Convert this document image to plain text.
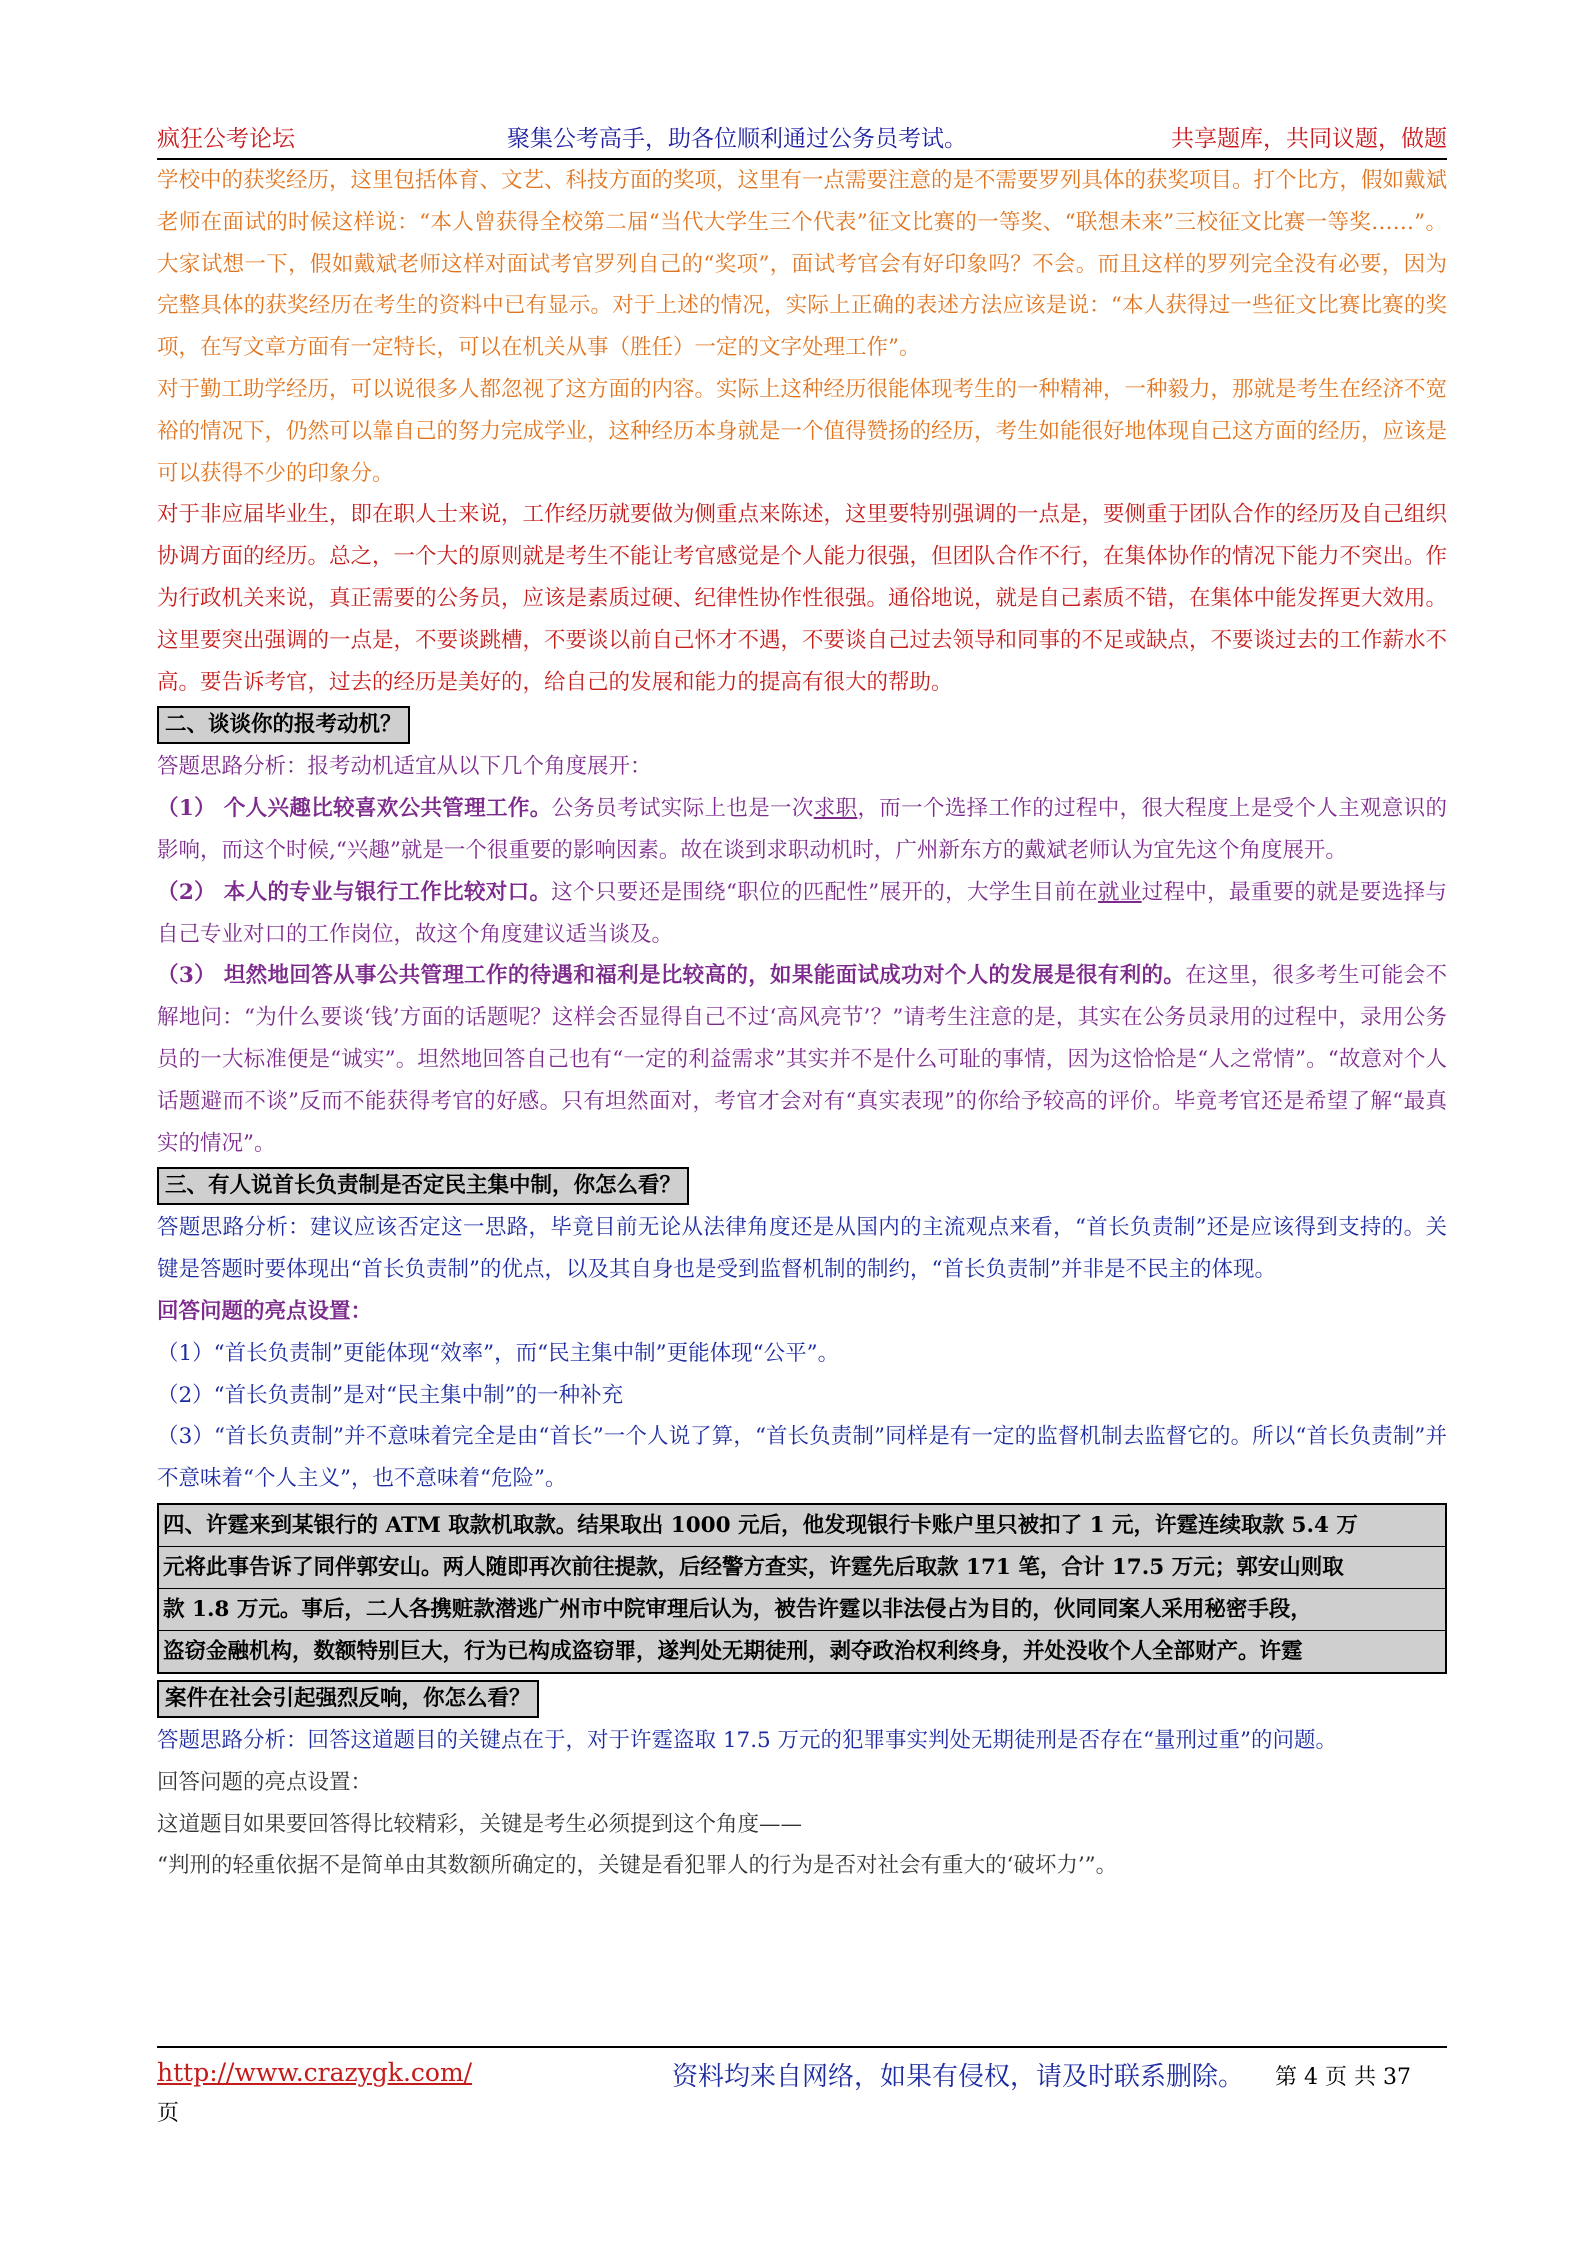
疯狂公考论坛	聚集公考高手，助各位顺利通过公务员考试。	共享题库，共同议题，做题

学校中的获奖经历，这里包括体育、文艺、科技方面的奖项，这里有一点需要注意的是不需要罗列具体的获奖项目。打个比方，假如戴斌老师在面试的时候这样说：“本人曾获得全校第二届“当代大学生三个代表”征文比赛的一等奖、“联想未来”三校征文比赛一等奖……”。大家试想一下，假如戴斌老师这样对面试考官罗列自己的“奖项”，面试考官会有好印象吗？不会。而且这样的罗列完全没有必要，因为完整具体的获奖经历在考生的资料中已有显示。对于上述的情况，实际上正确的表述方法应该是说：“本人获得过一些征文比赛比赛的奖项，在写文章方面有一定特长，可以在机关从事（胜任）一定的文字处理工作”。

对于勤工助学经历，可以说很多人都忽视了这方面的内容。实际上这种经历很能体现考生的一种精神，一种毅力，那就是考生在经济不宽裕的情况下，仍然可以靠自己的努力完成学业，这种经历本身就是一个值得赞扬的经历，考生如能很好地体现自己这方面的经历，应该是可以获得不少的印象分。

对于非应届毕业生，即在职人士来说，工作经历就要做为侧重点来陈述，这里要特别强调的一点是，要侧重于团队合作的经历及自己组织协调方面的经历。总之，一个大的原则就是考生不能让考官感觉是个人能力很强，但团队合作不行，在集体协作的情况下能力不突出。作为行政机关来说，真正需要的公务员，应该是素质过硬、纪律性协作性很强。通俗地说，就是自己素质不错，在集体中能发挥更大效用。这里要突出强调的一点是，不要谈跳槽，不要谈以前自己怀才不遇，不要谈自己过去领导和同事的不足或缺点，不要谈过去的工作薪水不高。要告诉考官，过去的经历是美好的，给自己的发展和能力的提高有很大的帮助。

二、谈谈你的报考动机？

答题思路分析：报考动机适宜从以下几个角度展开：

（1） 个人兴趣比较喜欢公共管理工作。公务员考试实际上也是一次求职，而一个选择工作的过程中，很大程度上是受个人主观意识的影响，而这个时候,“兴趣”就是一个很重要的影响因素。故在谈到求职动机时，广州新东方的戴斌老师认为宜先这个角度展开。

（2） 本人的专业与银行工作比较对口。这个只要还是围绕“职位的匹配性”展开的，大学生目前在就业过程中，最重要的就是要选择与自己专业对口的工作岗位，故这个角度建议适当谈及。

（3） 坦然地回答从事公共管理工作的待遇和福利是比较高的，如果能面试成功对个人的发展是很有利的。在这里，很多考生可能会不解地问：“为什么要谈‘钱’方面的话题呢？这样会否显得自己不过‘高风亮节’？”请考生注意的是，其实在公务员录用的过程中，录用公务员的一大标准便是“诚实”。坦然地回答自己也有“一定的利益需求”其实并不是什么可耻的事情，因为这恰恰是“人之常情”。“故意对个人话题避而不谈”反而不能获得考官的好感。只有坦然面对，考官才会对有“真实表现”的你给予较高的评价。毕竟考官还是希望了解“最真实的情况”。

三、有人说首长负责制是否定民主集中制，你怎么看？

答题思路分析：建议应该否定这一思路，毕竟目前无论从法律角度还是从国内的主流观点来看，“首长负责制”还是应该得到支持的。关键是答题时要体现出“首长负责制”的优点，以及其自身也是受到监督机制的制约，“首长负责制”并非是不民主的体现。

回答问题的亮点设置：

（1）“首长负责制”更能体现“效率”，而“民主集中制”更能体现“公平”。

（2）“首长负责制”是对“民主集中制”的一种补充

（3）“首长负责制”并不意味着完全是由“首长”一个人说了算，“首长负责制”同样是有一定的监督机制去监督它的。所以“首长负责制”并不意味着“个人主义”，也不意味着“危险”。

四、许霆来到某银行的 ATM 取款机取款。结果取出 1000 元后，他发现银行卡账户里只被扣了 1 元，许霆连续取款 5.4 万

元将此事告诉了同伴郭安山。两人随即再次前往提款，后经警方查实，许霆先后取款 171 笔，合计 17.5 万元；郭安山则取

款 1.8 万元。事后，二人各携赃款潜逃广州市中院审理后认为，被告许霆以非法侵占为目的，伙同同案人采用秘密手段，

盗窃金融机构，数额特别巨大，行为已构成盗窃罪，遂判处无期徒刑，剥夺政治权利终身，并处没收个人全部财产。许霆

案件在社会引起强烈反响，你怎么看？

答题思路分析：回答这道题目的关键点在于，对于许霆盗取 17.5 万元的犯罪事实判处无期徒刑是否存在“量刑过重”的问题。

回答问题的亮点设置：

这道题目如果要回答得比较精彩，关键是考生必须提到这个角度——

“判刑的轻重依据不是简单由其数额所确定的，关键是看犯罪人的行为是否对社会有重大的‘破坏力’”。

http://www.crazygk.com/	资料均来自网络，如果有侵权，请及时联系删除。 第 4 页 共 37
页
